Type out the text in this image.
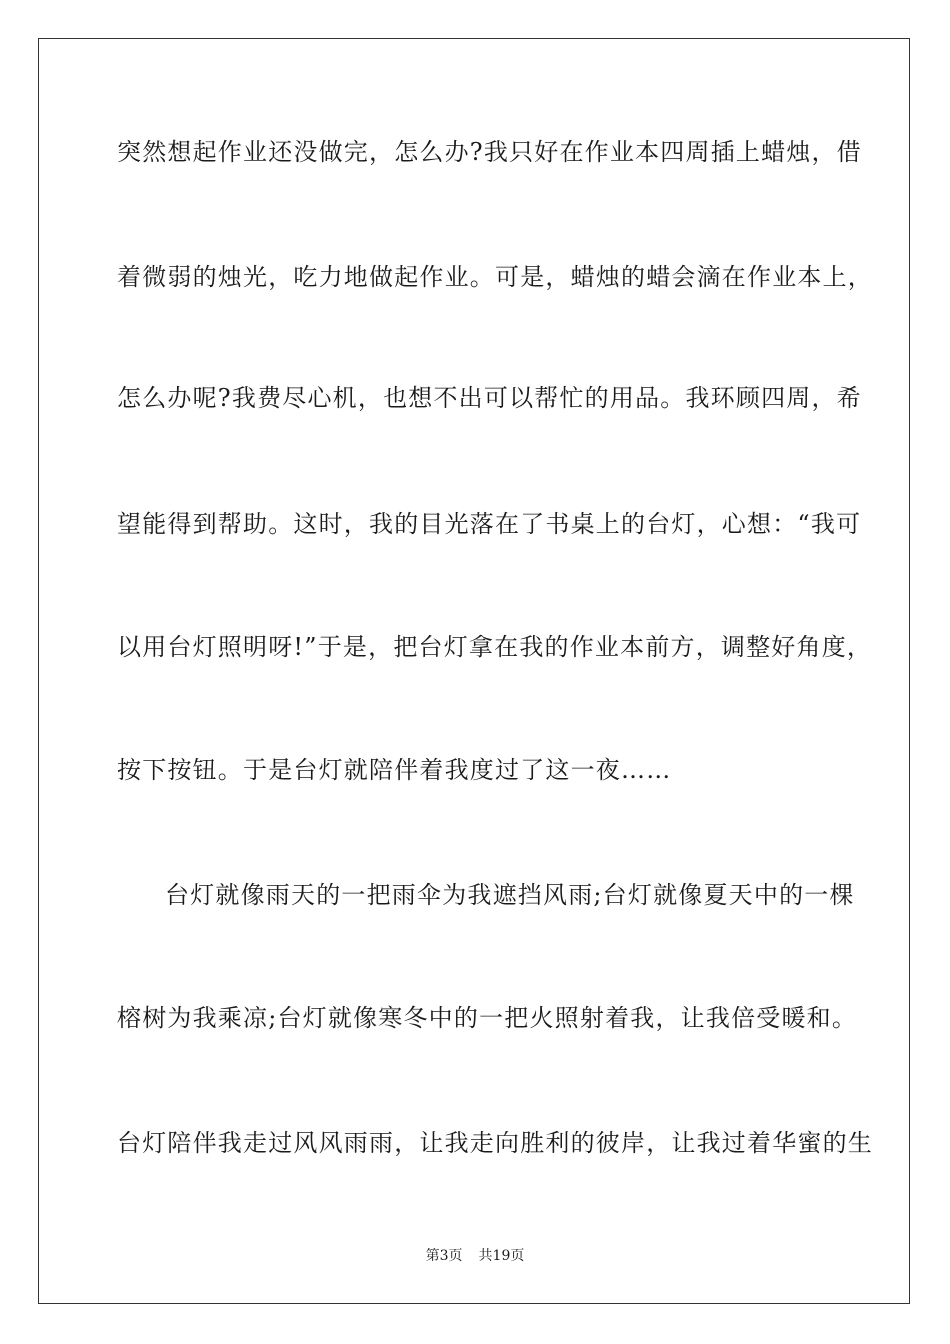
突然想起作业还没做完，怎么办?我只好在作业本四周插上蜡烛，借
着微弱的烛光，吃力地做起作业。可是，蜡烛的蜡会滴在作业本上，
怎么办呢?我费尽心机，也想不出可以帮忙的用品。我环顾四周，希
望能得到帮助。这时，我的目光落在了书桌上的台灯，心想：“我可
以用台灯照明呀!”于是，把台灯拿在我的作业本前方，调整好角度，
按下按钮。于是台灯就陪伴着我度过了这一夜……
台灯就像雨天的一把雨伞为我遮挡风雨;台灯就像夏天中的一棵
榕树为我乘凉;台灯就像寒冬中的一把火照射着我，让我倍受暖和。
台灯陪伴我走过风风雨雨，让我走向胜利的彼岸，让我过着华蜜的生
第3页 共19页
